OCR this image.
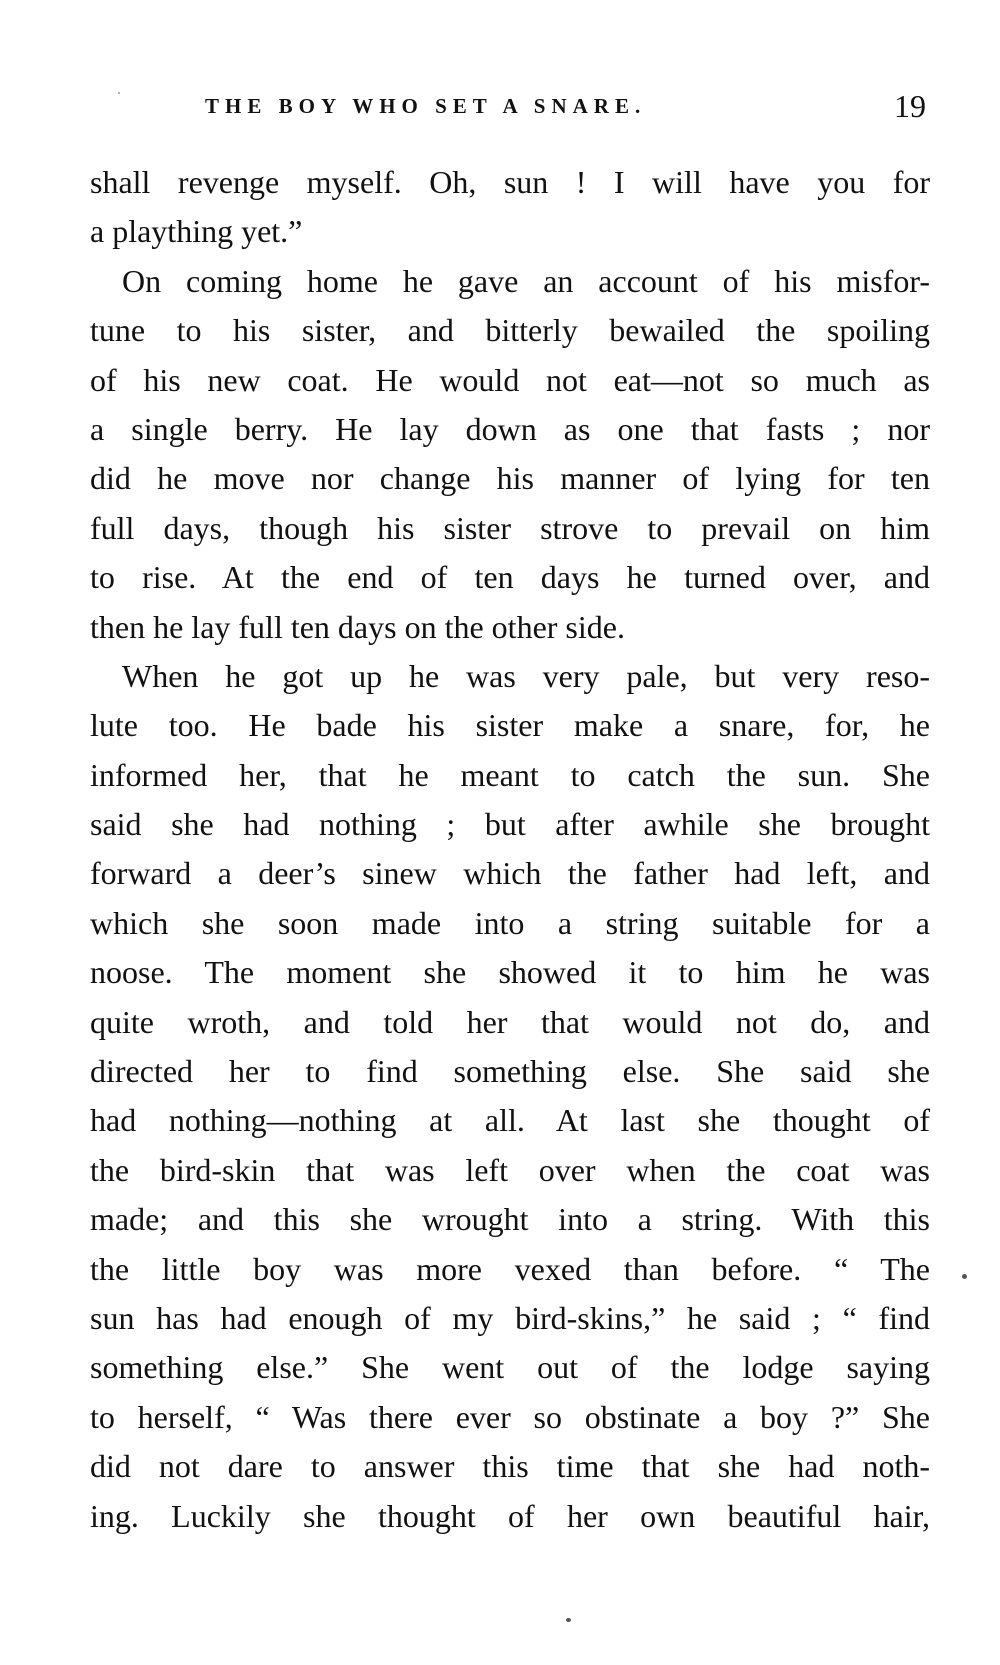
THE BOY WHO SET A SNARE.	19
shall revenge myself. Oh, sun ! I will have you for
a plaything yet.”
On coming home he gave an account of his misfor-
tune to his sister, and bitterly bewailed the spoiling
of his new coat. He would not eat—not so much as
a single berry. He lay down as one that fasts ; nor
did he move nor change his manner of lying for ten
full days, though his sister strove to prevail on him
to rise. At the end of ten days he turned over, and
then he lay full ten days on the other side.
When he got up he was very pale, but very reso-
lute too. He bade his sister make a snare, for, he
informed her, that he meant to catch the sun. She
said she had nothing ; but after awhile she brought
forward a deer’s sinew which the father had left, and
which she soon made into a string suitable for a
noose. The moment she showed it to him he was
quite wroth, and told her that would not do, and
directed her to find something else. She said she
had nothing—nothing at all. At last she thought of
the bird-skin that was left over when the coat was
made; and this she wrought into a string. With this
the little boy was more vexed than before. “ The
sun has had enough of my bird-skins,” he said ; “ find
something else.” She went out of the lodge saying
to herself, “ Was there ever so obstinate a boy ?” She
did not dare to answer this time that she had noth-
ing. Luckily she thought of her own beautiful hair,
